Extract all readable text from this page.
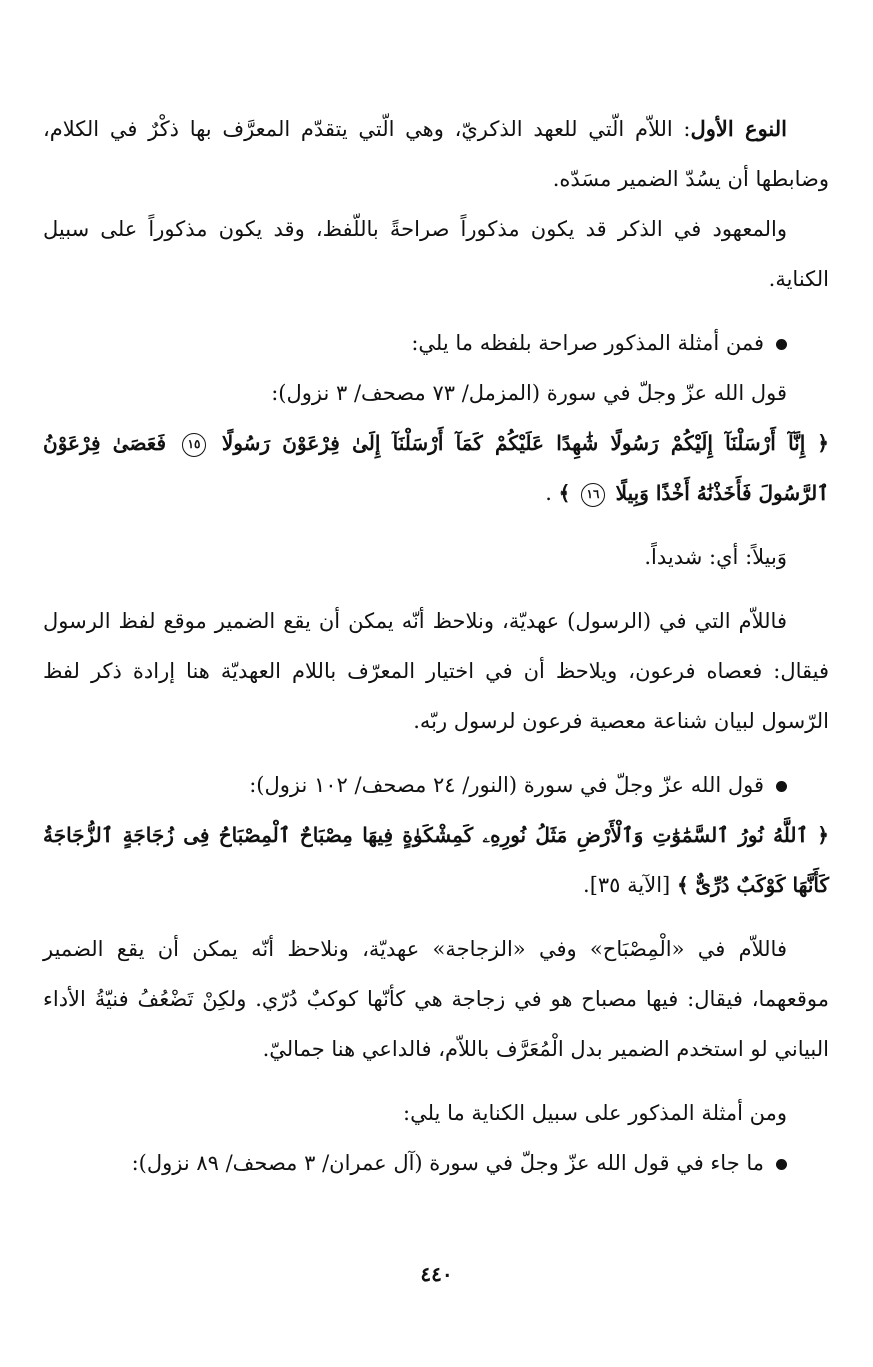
النوع الأول: اللاّم الّتي للعهد الذكريّ، وهي الّتي يتقدّم المعرَّف بها ذكْرٌ في الكلام، وضابطها أن يسُدّ الضمير مسَدّه.

والمعهود في الذكر قد يكون مذكوراً صراحةً باللّفظ، وقد يكون مذكوراً على سبيل الكناية.

فمن أمثلة المذكور صراحة بلفظه ما يلي:

قول الله عزّ وجلّ في سورة (المزمل/ ٧٣ مصحف/ ٣ نزول):

﴿ إِنَّآ أَرْسَلْنَآ إِلَيْكُمْ رَسُولًا شَٰهِدًا عَلَيْكُمْ كَمَآ أَرْسَلْنَآ إِلَىٰ فِرْعَوْنَ رَسُولًا ١٥ فَعَصَىٰ فِرْعَوْنُ ٱلرَّسُولَ فَأَخَذْنَٰهُ أَخْذًا وَبِيلًا ١٦ ﴾ .

وَبيلاً: أي: شديداً.

فاللاّم التي في (الرسول) عهديّة، ونلاحظ أنّه يمكن أن يقع الضمير موقع لفظ الرسول فيقال: فعصاه فرعون، ويلاحظ أن في اختيار المعرّف باللام العهديّة هنا إرادة ذكر لفظ الرّسول لبيان شناعة معصية فرعون لرسول ربّه.

قول الله عزّ وجلّ في سورة (النور/ ٢٤ مصحف/ ١٠٢ نزول):

﴿ ٱللَّهُ نُورُ ٱلسَّمَٰوَٰتِ وَٱلْأَرْضِ مَثَلُ نُورِهِۦ كَمِشْكَوٰةٍ فِيهَا مِصْبَاحٌ ٱلْمِصْبَاحُ فِى زُجَاجَةٍ ٱلزُّجَاجَةُ كَأَنَّهَا كَوْكَبٌ دُرِّىٌّ ﴾ [الآية ٣٥].

فاللاّم في «الْمِصْبَاح» وفي «الزجاجة» عهديّة، ونلاحظ أنّه يمكن أن يقع الضمير موقعهما، فيقال: فيها مصباح هو في زجاجة هي كأنّها كوكبٌ دُرّي. ولكِنْ تَضْعُفُ فنيّةُ الأداء البياني لو استخدم الضمير بدل الْمُعَرَّف باللاّم، فالداعي هنا جماليّ.

ومن أمثلة المذكور على سبيل الكناية ما يلي:

ما جاء في قول الله عزّ وجلّ في سورة (آل عمران/ ٣ مصحف/ ٨٩ نزول):

٤٤٠
